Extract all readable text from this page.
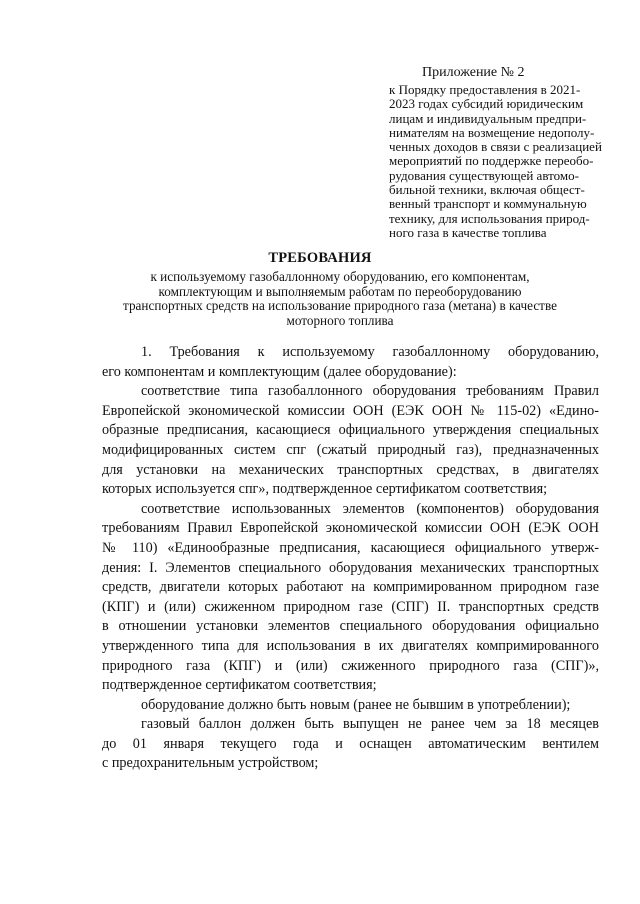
Приложение № 2
к Порядку предоставления в 2021-
2023 годах субсидий юридическим
лицам и индивидуальным предпри-
нимателям на возмещение недополу-
ченных доходов в связи с реализацией
мероприятий по поддержке переобо-
рудования существующей автомо-
бильной техники, включая общест-
венный транспорт и коммунальную
технику, для использования природ-
ного газа в качестве топлива
ТРЕБОВАНИЯ
к используемому газобаллонному оборудованию, его компонентам,
комплектующим и выполняемым работам по переоборудованию
транспортных средств на использование природного газа (метана) в качестве
моторного топлива
1. Требования к используемому газобаллонному оборудованию,
его компонентам и комплектующим (далее оборудование):
соответствие типа газобаллонного оборудования требованиям Правил
Европейской экономической комиссии ООН (ЕЭК ООН № 115-02) «Едино-
образные предписания, касающиеся официального утверждения специальных
модифицированных систем спг (сжатый природный газ), предназначенных
для установки на механических транспортных средствах, в двигателях
которых используется спг», подтвержденное сертификатом соответствия;
соответствие использованных элементов (компонентов) оборудования
требованиям Правил Европейской экономической комиссии ООН (ЕЭК ООН
№ 110) «Единообразные предписания, касающиеся официального утверж-
дения: I. Элементов специального оборудования механических транспортных
средств, двигатели которых работают на компримированном природном газе
(КПГ) и (или) сжиженном природном газе (СПГ) II. транспортных средств
в отношении установки элементов специального оборудования официально
утвержденного типа для использования в их двигателях компримированного
природного газа (КПГ) и (или) сжиженного природного газа (СПГ)»,
подтвержденное сертификатом соответствия;
оборудование должно быть новым (ранее не бывшим в употреблении);
газовый баллон должен быть выпущен не ранее чем за 18 месяцев
до 01 января текущего года и оснащен автоматическим вентилем
с предохранительным устройством;
